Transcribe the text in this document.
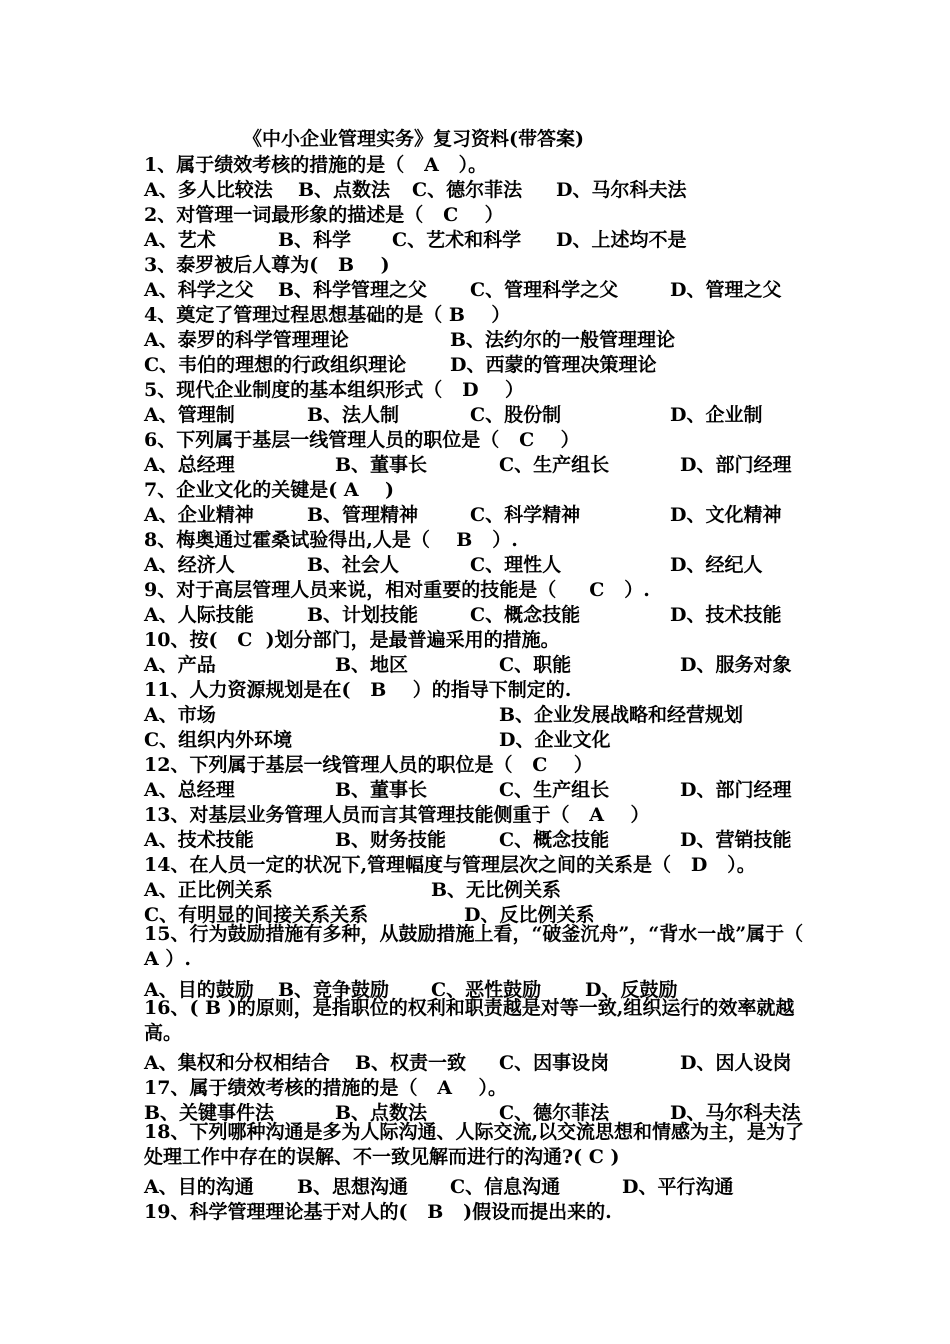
《中小企业管理实务》复习资料(带答案)
1、属于绩效考核的措施的是（   A   ）。
A、多人比较法 B、点数法 C、德尔菲法 D、马尔科夫法
2、对管理一词最形象的描述是（   C    ）
A、艺术	B、科学 C、艺术和科学 D、上述均不是
3、泰罗被后人尊为(   B    )
A、科学之父 B、科学管理之父 C、管理科学之父	D、管理之父
4、奠定了管理过程思想基础的是（ B    ）
A、泰罗的科学管理理论	B、法约尔的一般管理理论
C、韦伯的理想的行政组织理论 D、西蒙的管理决策理论
5、现代企业制度的基本组织形式（   D    ）
A、管理制	B、法人制	C、股份制	D、企业制
6、下列属于基层一线管理人员的职位是（   C    ）
A、总经理	B、董事长	C、生产组长	D、部门经理
7、企业文化的关键是( A    )
A、企业精神	B、管理精神	C、科学精神	D、文化精神
8、梅奥通过霍桑试验得出,人是（    B   ）.
A、经济人	B、社会人	C、理性人	D、经纪人
9、对于高层管理人员来说，相对重要的技能是（     C   ）.
A、人际技能	B、计划技能	C、概念技能	D、技术技能
10、按(   C  )划分部门，是最普遍采用的措施。
A、产品	B、地区	C、职能	D、服务对象
11、人力资源规划是在(   B    ）的指导下制定的.
A、市场	B、企业发展战略和经营规划
C、组织内外环境	D、企业文化
12、下列属于基层一线管理人员的职位是（   C    ）
A、总经理	B、董事长	C、生产组长	D、部门经理
13、对基层业务管理人员而言其管理技能侧重于（   A    ）
A、技术技能	B、财务技能	C、概念技能	D、营销技能
14、在人员一定的状况下,管理幅度与管理层次之间的关系是（   D   ）。
A、正比例关系	B、无比例关系
C、有明显的间接关系关系	D、反比例关系
15、行为鼓励措施有多种，从鼓励措施上看，“破釜沉舟”，“背水一战”属于（ A ）.
A、目的鼓励 B、竞争鼓励 C、恶性鼓励 D、反鼓励
16、( B )的原则，是指职位的权利和职责越是对等一致,组织运行的效率就越高。
A、集权和分权相结合 B、权责一致 C、因事设岗	D、因人设岗
17、属于绩效考核的措施的是（   A    ）。
B、关键事件法	B、点数法	C、德尔菲法	D、马尔科夫法
18、下列哪种沟通是多为人际沟通、人际交流,以交流思想和情感为主，是为了处理工作中存在的误解、不一致见解而进行的沟通?( C )
A、目的沟通 B、思想沟通 C、信息沟通	D、平行沟通
19、科学管理理论基于对人的(   B   )假设而提出来的.
